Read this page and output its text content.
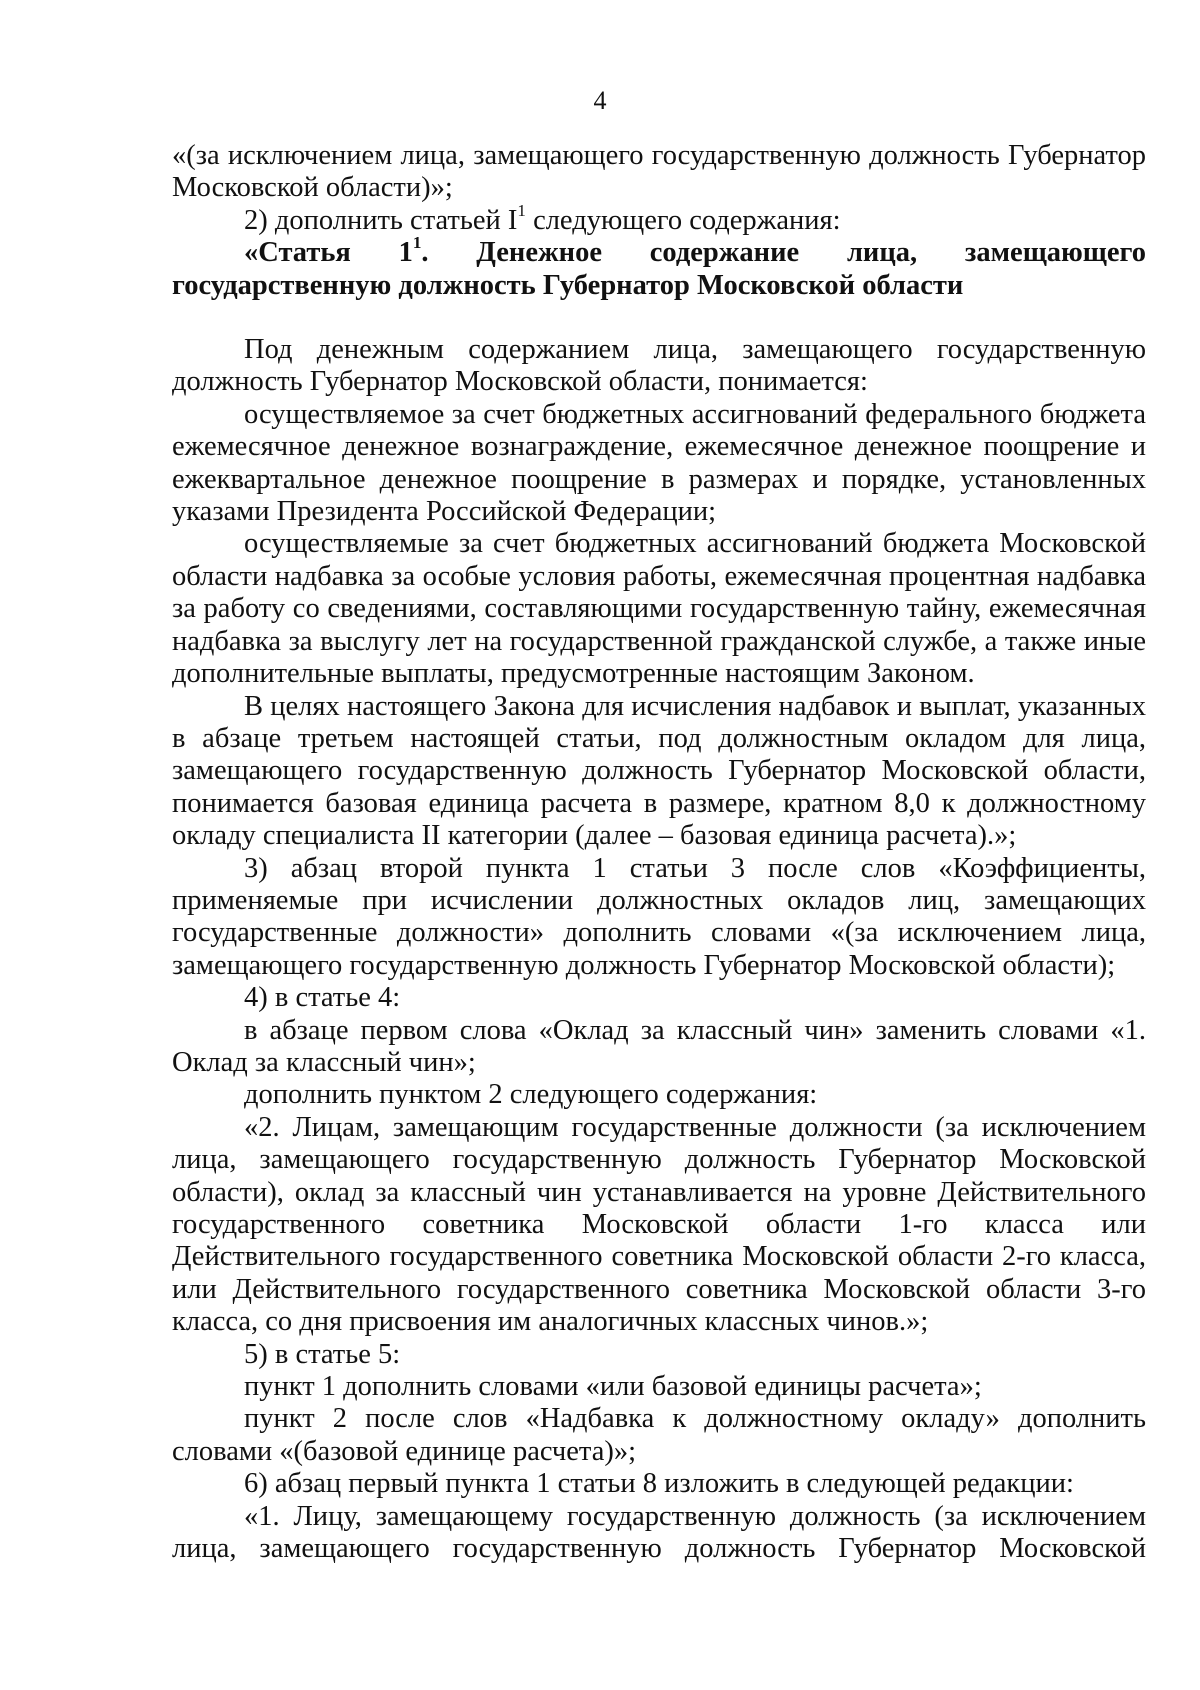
4

«(за исключением лица, замещающего государственную должность Губернатор Московской области)»;

2) дополнить статьей $I^1$ следующего содержания:

«Статья $1^1$. Денежное содержание лица, замещающего государственную должность Губернатор Московской области

Под денежным содержанием лица, замещающего государственную должность Губернатор Московской области, понимается:

осуществляемое за счет бюджетных ассигнований федерального бюджета ежемесячное денежное вознаграждение, ежемесячное денежное поощрение и ежеквартальное денежное поощрение в размерах и порядке, установленных указами Президента Российской Федерации;

осуществляемые за счет бюджетных ассигнований бюджета Московской области надбавка за особые условия работы, ежемесячная процентная надбавка за работу со сведениями, составляющими государственную тайну, ежемесячная надбавка за выслугу лет на государственной гражданской службе, а также иные дополнительные выплаты, предусмотренные настоящим Законом.

В целях настоящего Закона для исчисления надбавок и выплат, указанных в абзаце третьем настоящей статьи, под должностным окладом для лица, замещающего государственную должность Губернатор Московской области, понимается базовая единица расчета в размере, кратном 8,0 к должностному окладу специалиста II категории (далее – базовая единица расчета).»;

3) абзац второй пункта 1 статьи 3 после слов «Коэффициенты, применяемые при исчислении должностных окладов лиц, замещающих государственные должности» дополнить словами «(за исключением лица, замещающего государственную должность Губернатор Московской области);

4) в статье 4:

в абзаце первом слова «Оклад за классный чин» заменить словами «1. Оклад за классный чин»;

дополнить пунктом 2 следующего содержания:

«2. Лицам, замещающим государственные должности (за исключением лица, замещающего государственную должность Губернатор Московской области), оклад за классный чин устанавливается на уровне Действительного государственного советника Московской области 1-го класса или Действительного государственного советника Московской области 2-го класса, или Действительного государственного советника Московской области 3-го класса, со дня присвоения им аналогичных классных чинов.»;

5) в статье 5:

пункт 1 дополнить словами «или базовой единицы расчета»;

пункт 2 после слов «Надбавка к должностному окладу» дополнить словами «(базовой единице расчета)»;

6) абзац первый пункта 1 статьи 8 изложить в следующей редакции:

«1. Лицу, замещающему государственную должность (за исключением лица, замещающего государственную должность Губернатор Московской
